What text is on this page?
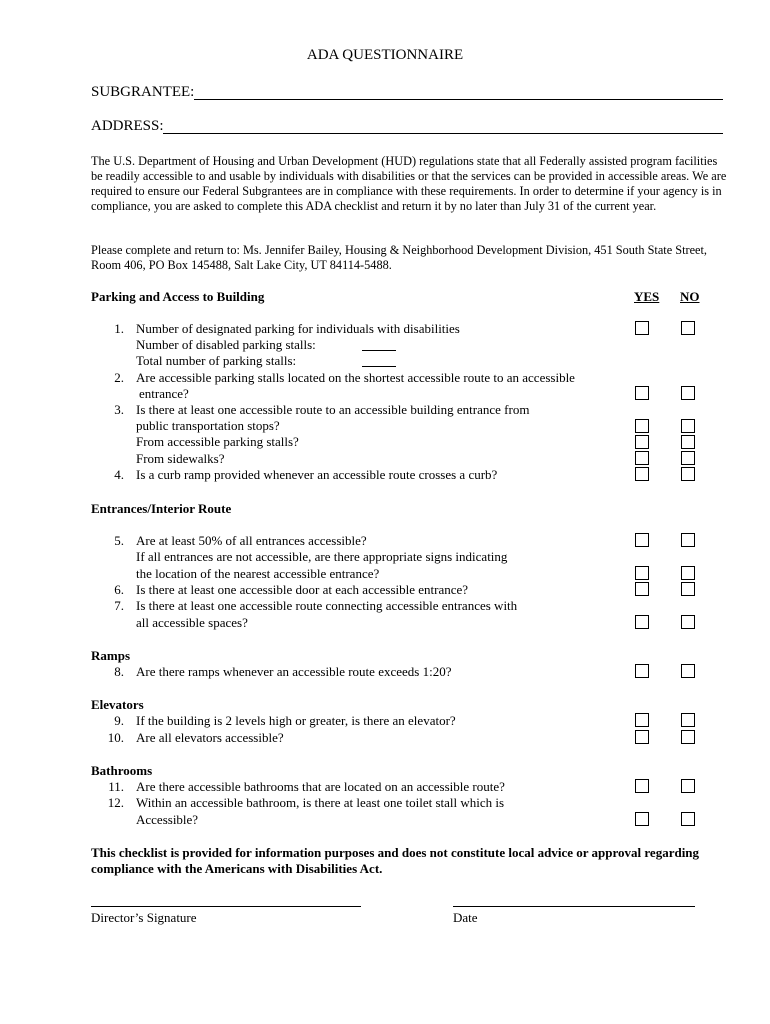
ADA QUESTIONNAIRE
SUBGRANTEE:
ADDRESS:
The U.S. Department of Housing and Urban Development (HUD) regulations state that all Federally assisted program facilities be readily accessible to and usable by individuals with disabilities or that the services can be provided in accessible areas. We are required to ensure our Federal Subgrantees are in compliance with these requirements. In order to determine if your agency is in compliance, you are asked to complete this ADA checklist and return it by no later than July 31 of the current year.
Please complete and return to: Ms. Jennifer Bailey, Housing & Neighborhood Development Division, 451 South State Street, Room 406, PO Box 145488, Salt Lake City, UT 84114-5488.
Parking and Access to Building	YES NO
1. Number of designated parking for individuals with disabilities
Number of disabled parking stalls:
Total number of parking stalls:
2. Are accessible parking stalls located on the shortest accessible route to an accessible
entrance?
3. Is there at least one accessible route to an accessible building entrance from
public transportation stops?
From accessible parking stalls?
From sidewalks?
4. Is a curb ramp provided whenever an accessible route crosses a curb?
Entrances/Interior Route
5. Are at least 50% of all entrances accessible?
If all entrances are not accessible, are there appropriate signs indicating
the location of the nearest accessible entrance?
6. Is there at least one accessible door at each accessible entrance?
7. Is there at least one accessible route connecting accessible entrances with
all accessible spaces?
Ramps
8. Are there ramps whenever an accessible route exceeds 1:20?
Elevators
9. If the building is 2 levels high or greater, is there an elevator?
10. Are all elevators accessible?
Bathrooms
11. Are there accessible bathrooms that are located on an accessible route?
12. Within an accessible bathroom, is there at least one toilet stall which is
Accessible?
This checklist is provided for information purposes and does not constitute local advice or approval regarding compliance with the Americans with Disabilities Act.
Director’s Signature	Date
